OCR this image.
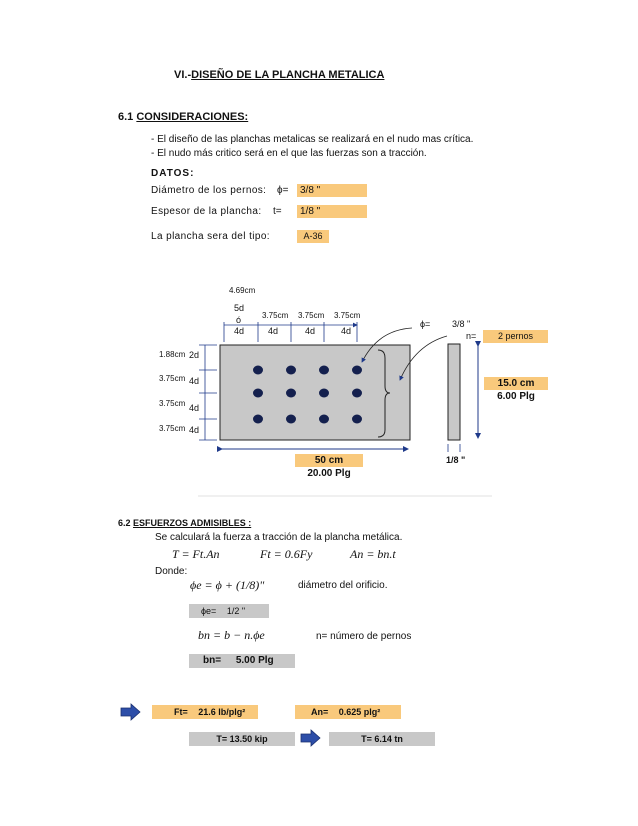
VI.-DISEÑO DE LA PLANCHA METALICA
6.1 CONSIDERACIONES:
- El diseño de las planchas metalicas se realizará en el nudo mas crítica.
- El nudo más critico será en el que las fuerzas son a tracción.
DATOS:
Diámetro de los pernos: ϕ=	3/8 "
Espesor de la plancha: t=	1/8 "
La plancha sera del tipo:	A-36
4.69cm
5d
ó
4d
3.75cm
4d
3.75cm
4d
3.75cm
4d
1.88cm 2d
3.75cm 4d
3.75cm 4d
3.75cm 4d
ϕ= 3/8 "
n=	2 pernos
15.0 cm
6.00 Plg
50 cm
20.00 Plg
1/8 "
6.2 ESFUERZOS ADMISIBLES :
Se calculará la fuerza a tracción de la plancha metálica.
T = Ft.An	Ft = 0.6Fy	An = bn.t
Donde:
ϕe = ϕ + (1/8)"	diámetro del orificio.
ϕe= 1/2 "
bn = b − n.ϕe	n= número de pernos
bn= 5.00 Plg
Ft= 21.6 lb/plg²	An= 0.625 plg²
T= 13.50 kip	T= 6.14 tn
